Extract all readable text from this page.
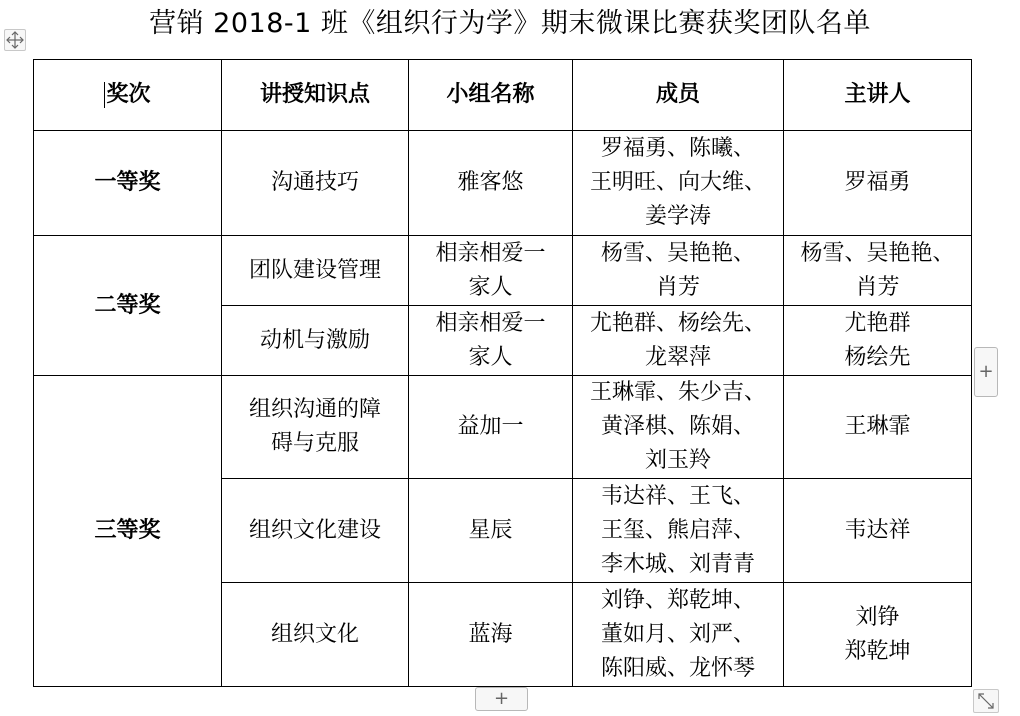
营销 2018-1 班《组织行为学》期末微课比赛获奖团队名单
奖次	讲授知识点	小组名称	成员	主讲人
一等奖	沟通技巧	雅客悠	罗福勇、陈曦、
王明旺、向大维、
姜学涛	罗福勇

二等奖	团队建设管理	相亲相爱一
家人	杨雪、吴艳艳、
肖芳	杨雪、吴艳艳、
肖芳

	动机与激励	相亲相爱一
家人	尤艳群、杨绘先、
龙翠萍	尤艳群
杨绘先

三等奖	组织沟通的障
碍与克服	益加一	王琳霏、朱少吉、
黄泽棋、陈娟、
刘玉羚	王琳霏

	组织文化建设	星辰	韦达祥、王飞、
王玺、熊启萍、
李木城、刘青青	韦达祥

	组织文化	蓝海	刘铮、郑乾坤、
董如月、刘严、
陈阳威、龙怀琴	刘铮
郑乾坤
+
+
